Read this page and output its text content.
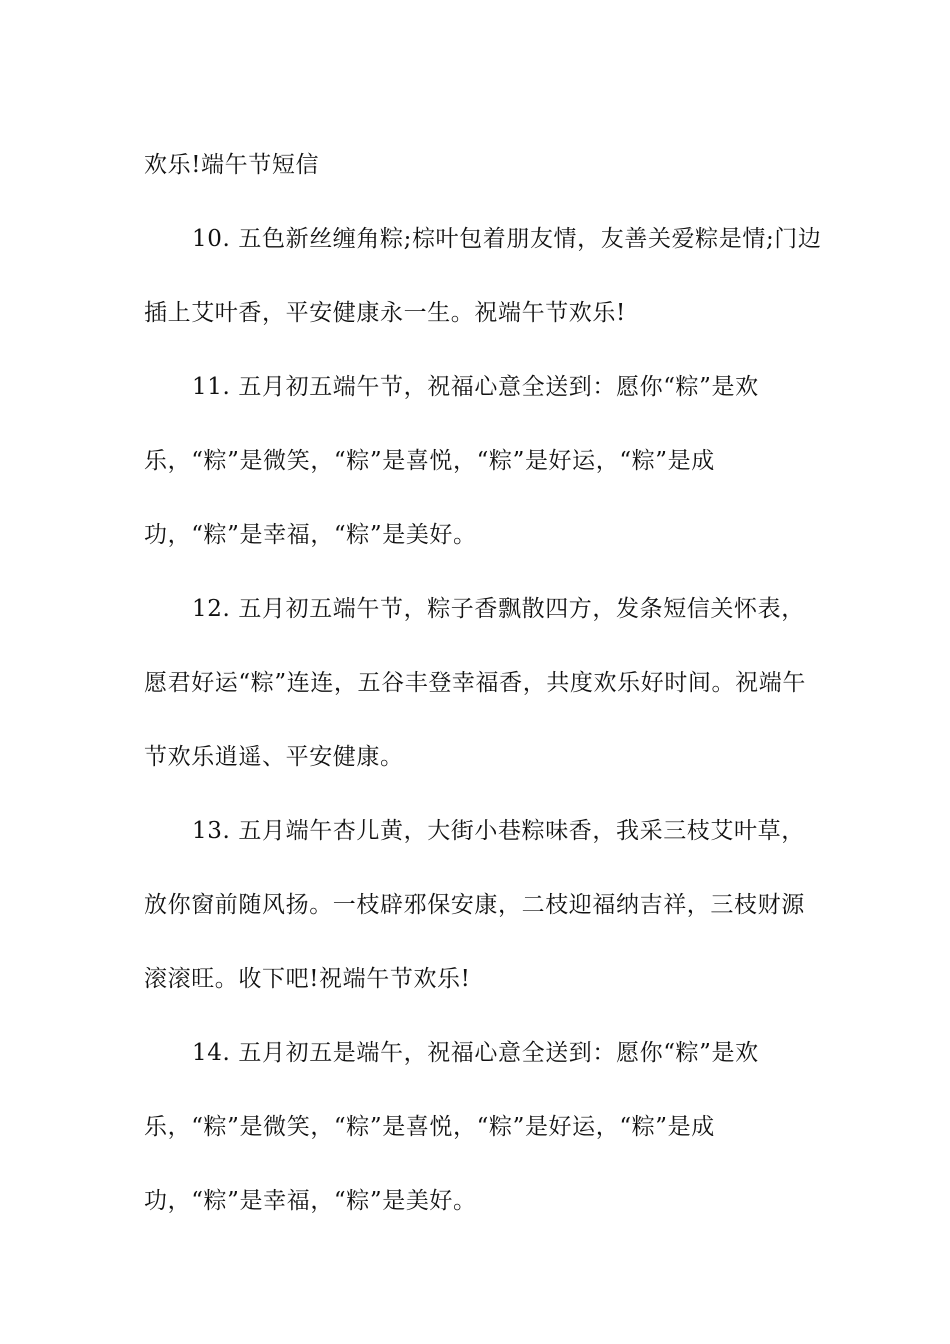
欢乐!端午节短信

10. 五色新丝缠角粽;棕叶包着朋友情，友善关爱粽是情;门边插上艾叶香，平安健康永一生。祝端午节欢乐!

11. 五月初五端午节，祝福心意全送到：愿你“粽”是欢乐，“粽”是微笑，“粽”是喜悦，“粽”是好运，“粽”是成功，“粽”是幸福，“粽”是美好。

12. 五月初五端午节，粽子香飘散四方，发条短信关怀表，愿君好运“粽”连连，五谷丰登幸福香，共度欢乐好时间。祝端午节欢乐逍遥、平安健康。

13. 五月端午杏儿黄，大街小巷粽味香，我采三枝艾叶草，放你窗前随风扬。一枝辟邪保安康，二枝迎福纳吉祥，三枝财源滚滚旺。收下吧!祝端午节欢乐!

14. 五月初五是端午，祝福心意全送到：愿你“粽”是欢乐，“粽”是微笑，“粽”是喜悦，“粽”是好运，“粽”是成功，“粽”是幸福，“粽”是美好。
